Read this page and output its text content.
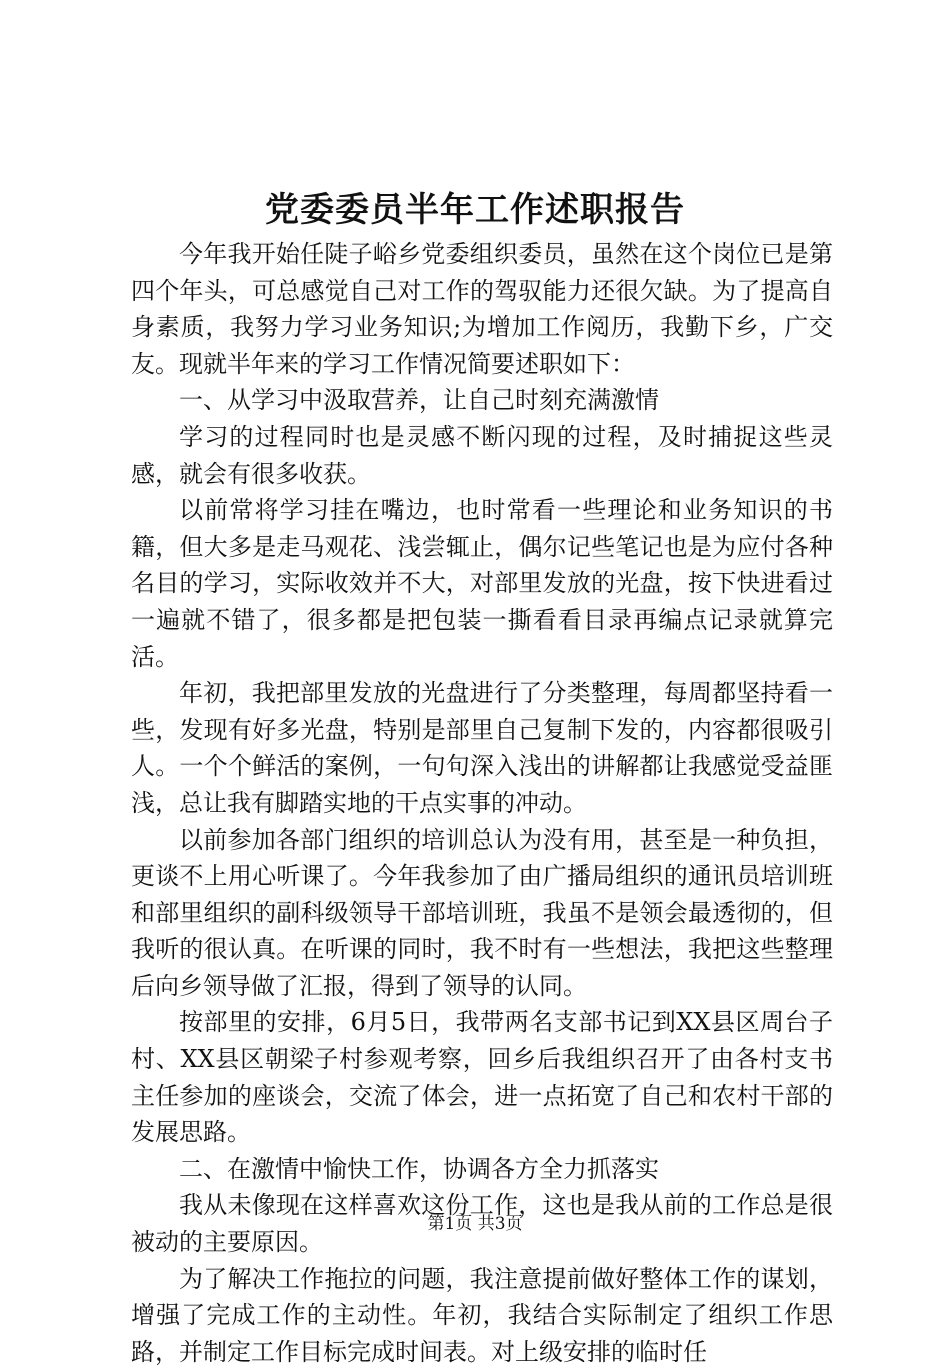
党委委员半年工作述职报告

今年我开始任陡子峪乡党委组织委员，虽然在这个岗位已是第四个年头，可总感觉自己对工作的驾驭能力还很欠缺。为了提高自身素质，我努力学习业务知识;为增加工作阅历，我勤下乡，广交友。现就半年来的学习工作情况简要述职如下：

一、从学习中汲取营养，让自己时刻充满激情

学习的过程同时也是灵感不断闪现的过程，及时捕捉这些灵感，就会有很多收获。

以前常将学习挂在嘴边，也时常看一些理论和业务知识的书籍，但大多是走马观花、浅尝辄止，偶尔记些笔记也是为应付各种名目的学习，实际收效并不大，对部里发放的光盘，按下快进看过一遍就不错了，很多都是把包装一撕看看目录再编点记录就算完活。

年初，我把部里发放的光盘进行了分类整理，每周都坚持看一些，发现有好多光盘，特别是部里自己复制下发的，内容都很吸引人。一个个鲜活的案例，一句句深入浅出的讲解都让我感觉受益匪浅，总让我有脚踏实地的干点实事的冲动。

以前参加各部门组织的培训总认为没有用，甚至是一种负担，更谈不上用心听课了。今年我参加了由广播局组织的通讯员培训班和部里组织的副科级领导干部培训班，我虽不是领会最透彻的，但我听的很认真。在听课的同时，我不时有一些想法，我把这些整理后向乡领导做了汇报，得到了领导的认同。

按部里的安排，6月5日，我带两名支部书记到XX县区周台子村、XX县区朝梁子村参观考察，回乡后我组织召开了由各村支书主任参加的座谈会，交流了体会，进一点拓宽了自己和农村干部的发展思路。

二、在激情中愉快工作，协调各方全力抓落实

我从未像现在这样喜欢这份工作，这也是我从前的工作总是很被动的主要原因。

为了解决工作拖拉的问题，我注意提前做好整体工作的谋划，增强了完成工作的主动性。年初，我结合实际制定了组织工作思路，并制定工作目标完成时间表。对上级安排的临时任

第1页 共3页
